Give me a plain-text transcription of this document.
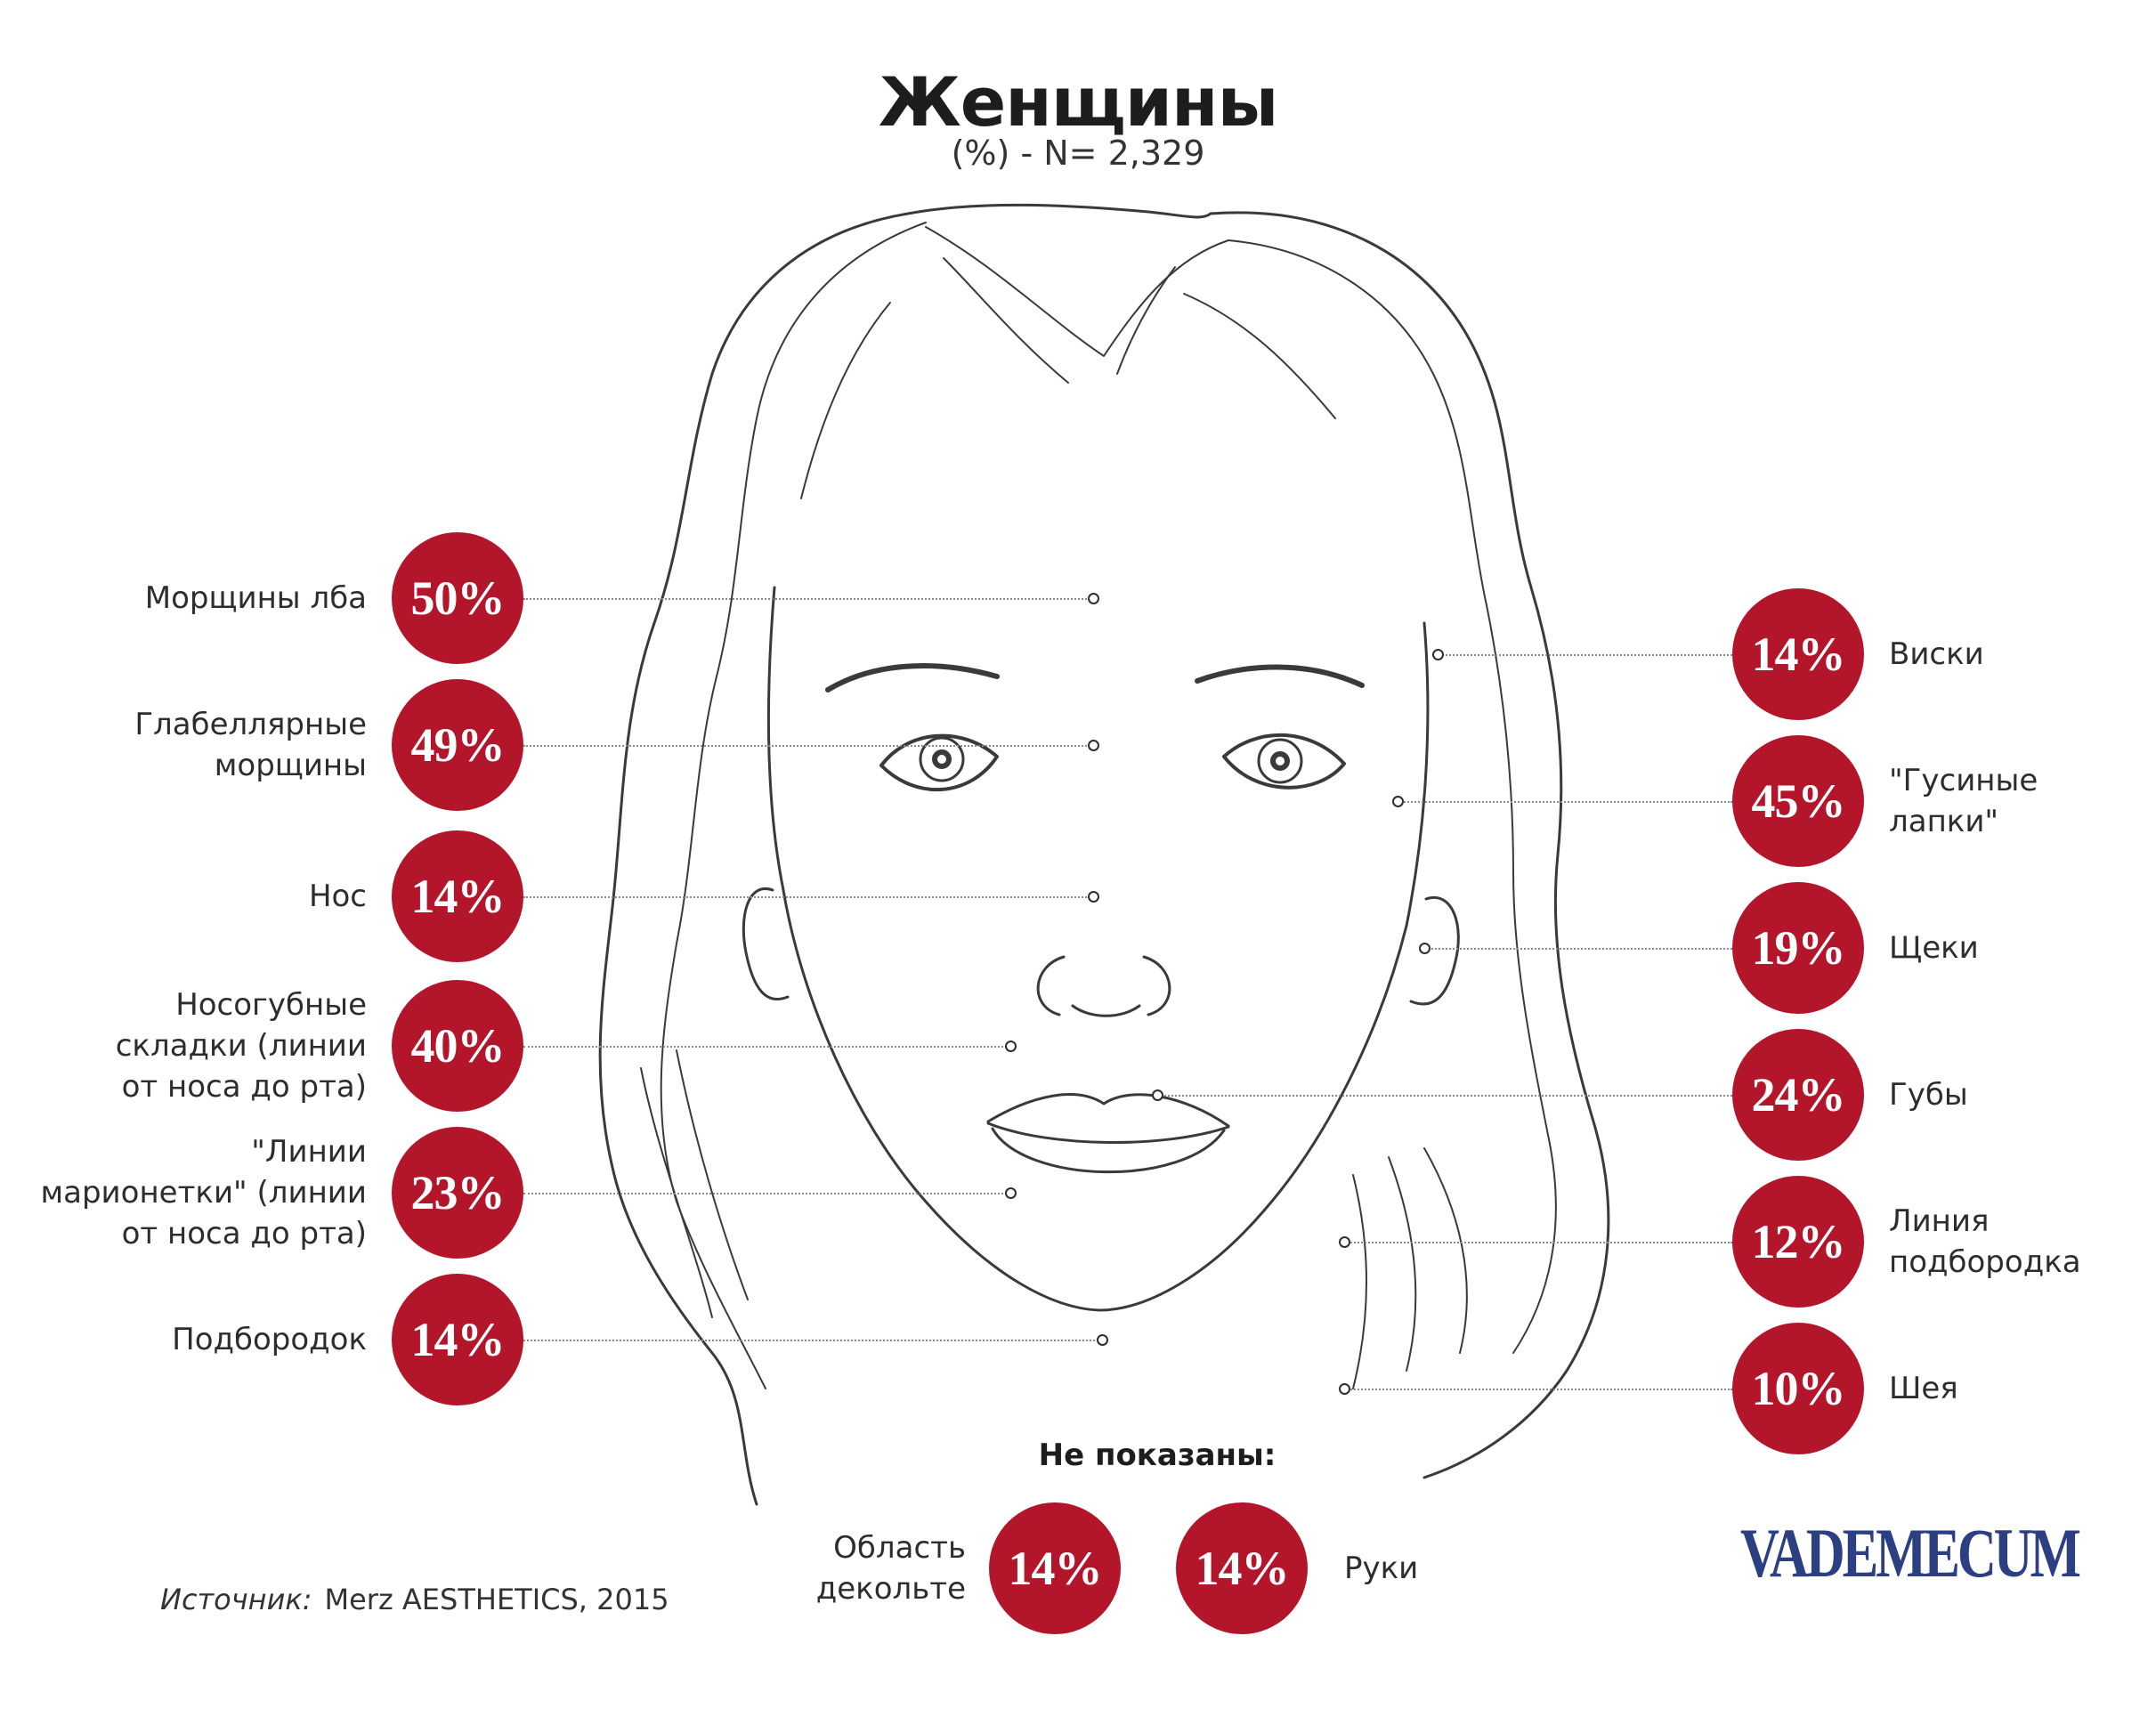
Женщины
(%) - N= 2,329
50%
Морщины лба
49%
Глабеллярные
морщины
14%
Нос
40%
Носогубные
складки (линии
от носа до рта)
23%
"Линии
марионетки" (линии
от носа до рта)
14%
Подбородок
14%	Виски
45%	"Гусиные
лапки"
19%	Щеки
24%	Губы
12%	Линия
подбородка
10%	Шея
14%
Область
декольте	14%	Руки
Не показаны:
Источник: Merz AESTHETICS, 2015
VADEMECUM
